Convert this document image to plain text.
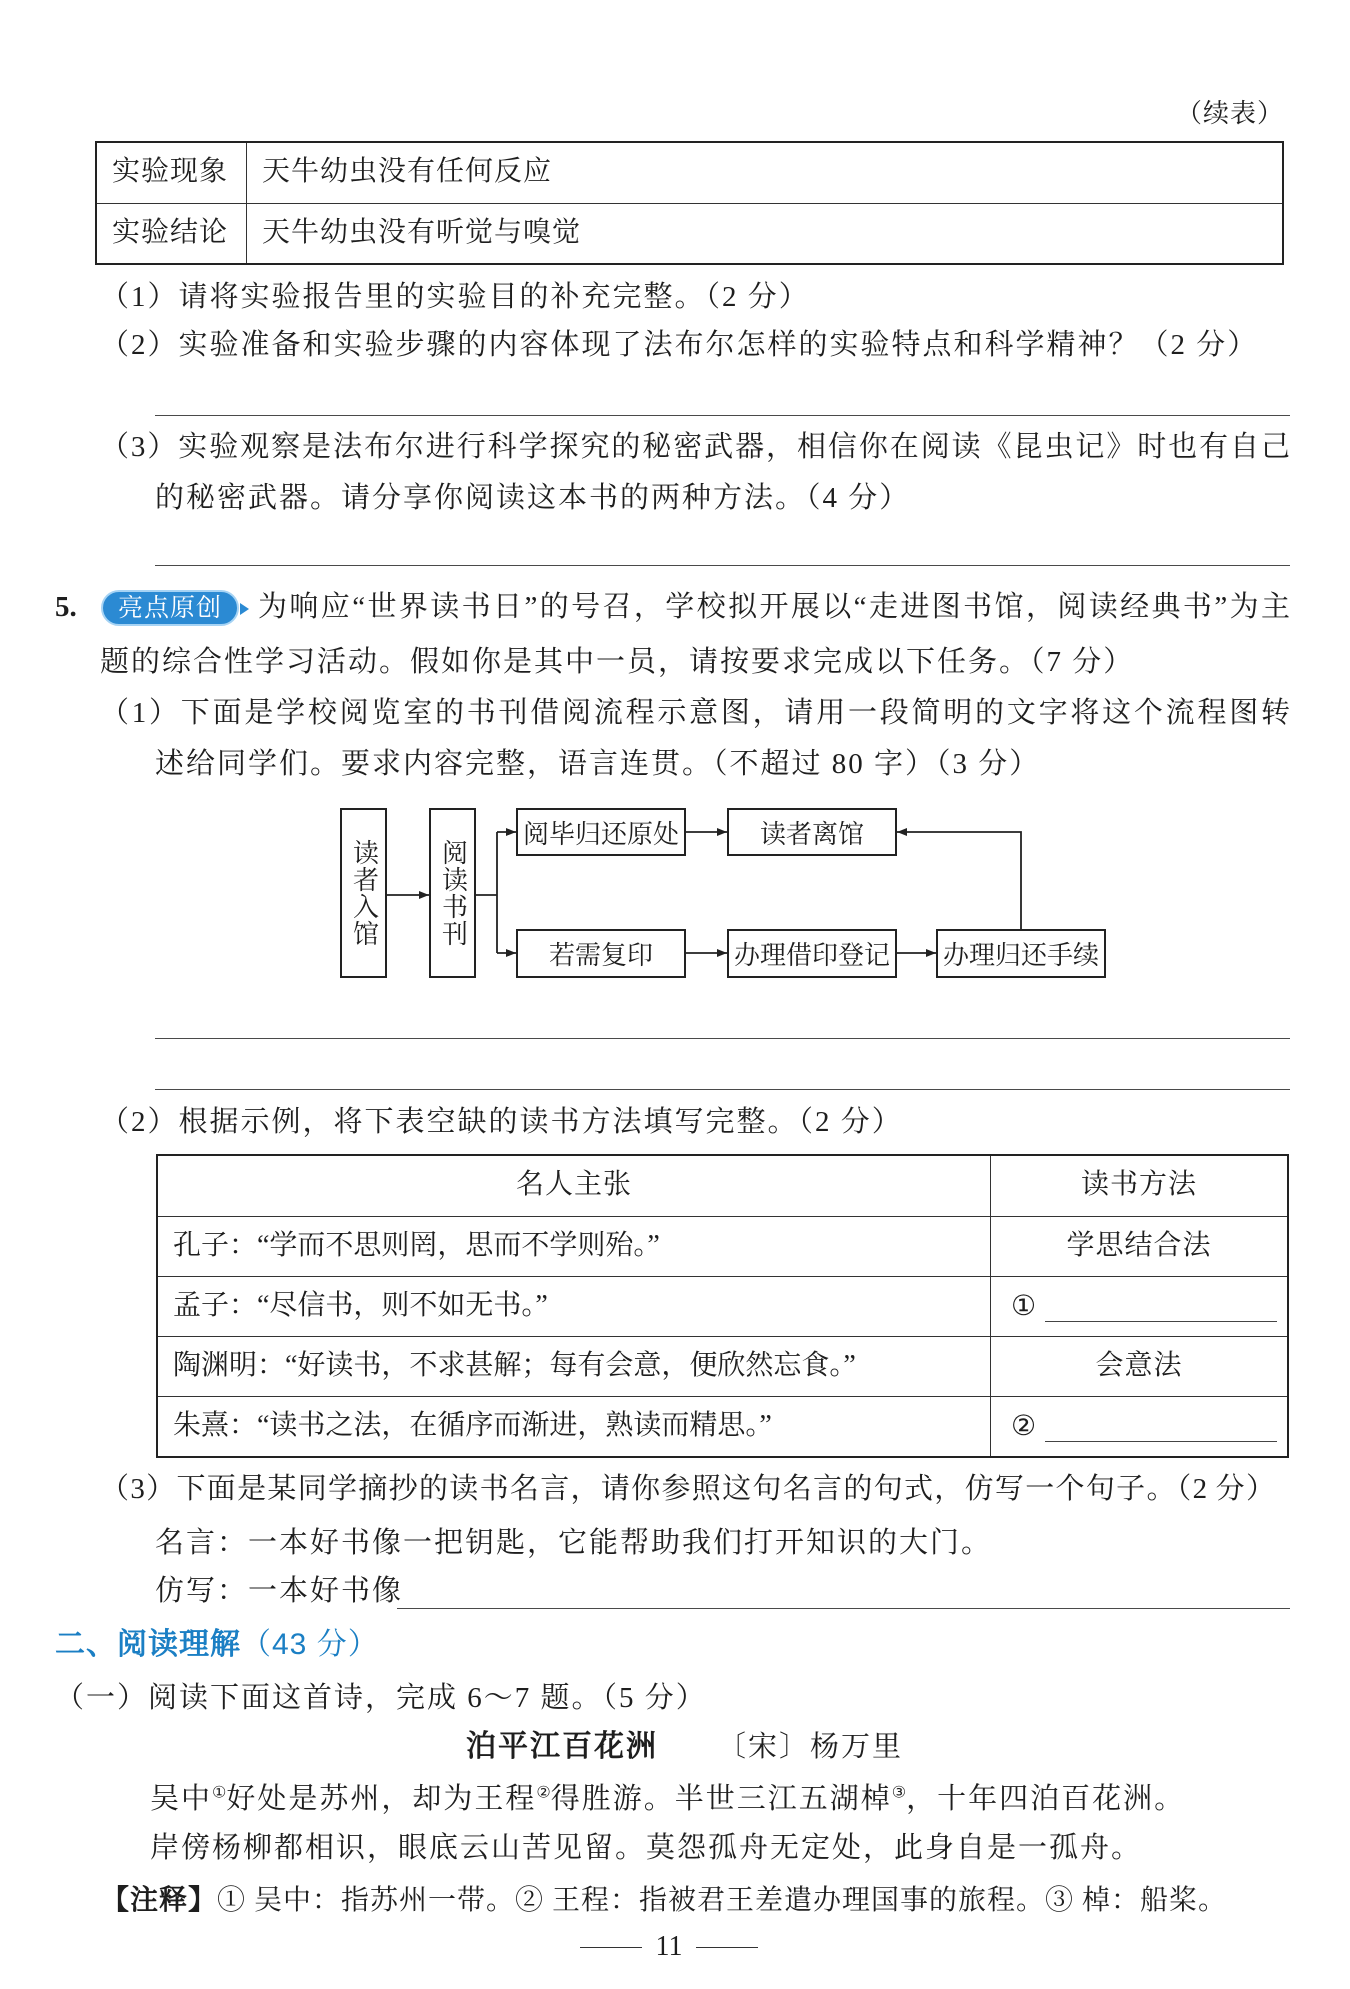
（续表）
实验现象	天牛幼虫没有任何反应
实验结论	天牛幼虫没有听觉与嗅觉
（1）请将实验报告里的实验目的补充完整。（2 分）
（2）实验准备和实验步骤的内容体现了法布尔怎样的实验特点和科学精神？（2 分）
（3）实验观察是法布尔进行科学探究的秘密武器，相信你在阅读《昆虫记》时也有自己
的秘密武器。请分享你阅读这本书的两种方法。（4 分）
5.	亮点原创	为响应“世界读书日”的号召，学校拟开展以“走进图书馆，阅读经典书”为主
题的综合性学习活动。假如你是其中一员，请按要求完成以下任务。（7 分）
（1）下面是学校阅览室的书刊借阅流程示意图，请用一段简明的文字将这个流程图转
述给同学们。要求内容完整，语言连贯。（不超过 80 字）（3 分）
读者入馆 阅读书刊
阅毕归还原处	读者离馆
若需复印	办理借印登记 办理归还手续
（2）根据示例，将下表空缺的读书方法填写完整。（2 分）
名人主张	读书方法
孔子：“学而不思则罔，思而不学则殆。”	学思结合法
孟子：“尽信书，则不如无书。”	①
陶渊明：“好读书，不求甚解；每有会意，便欣然忘食。”	会意法
朱熹：“读书之法，在循序而渐进，熟读而精思。”	②
（3）下面是某同学摘抄的读书名言，请你参照这句名言的句式，仿写一个句子。（2 分）
名言：一本好书像一把钥匙，它能帮助我们打开知识的大门。
仿写：一本好书像
二、阅读理解（43 分）
（一）阅读下面这首诗，完成 6～7 题。（5 分）
泊平江百花洲 〔宋〕杨万里
吴中①好处是苏州，却为王程②得胜游。半世三江五湖棹③，十年四泊百花洲。
岸傍杨柳都相识，眼底云山苦见留。莫怨孤舟无定处，此身自是一孤舟。
【注释】① 吴中：指苏州一带。② 王程：指被君王差遣办理国事的旅程。③ 棹：船桨。
11
